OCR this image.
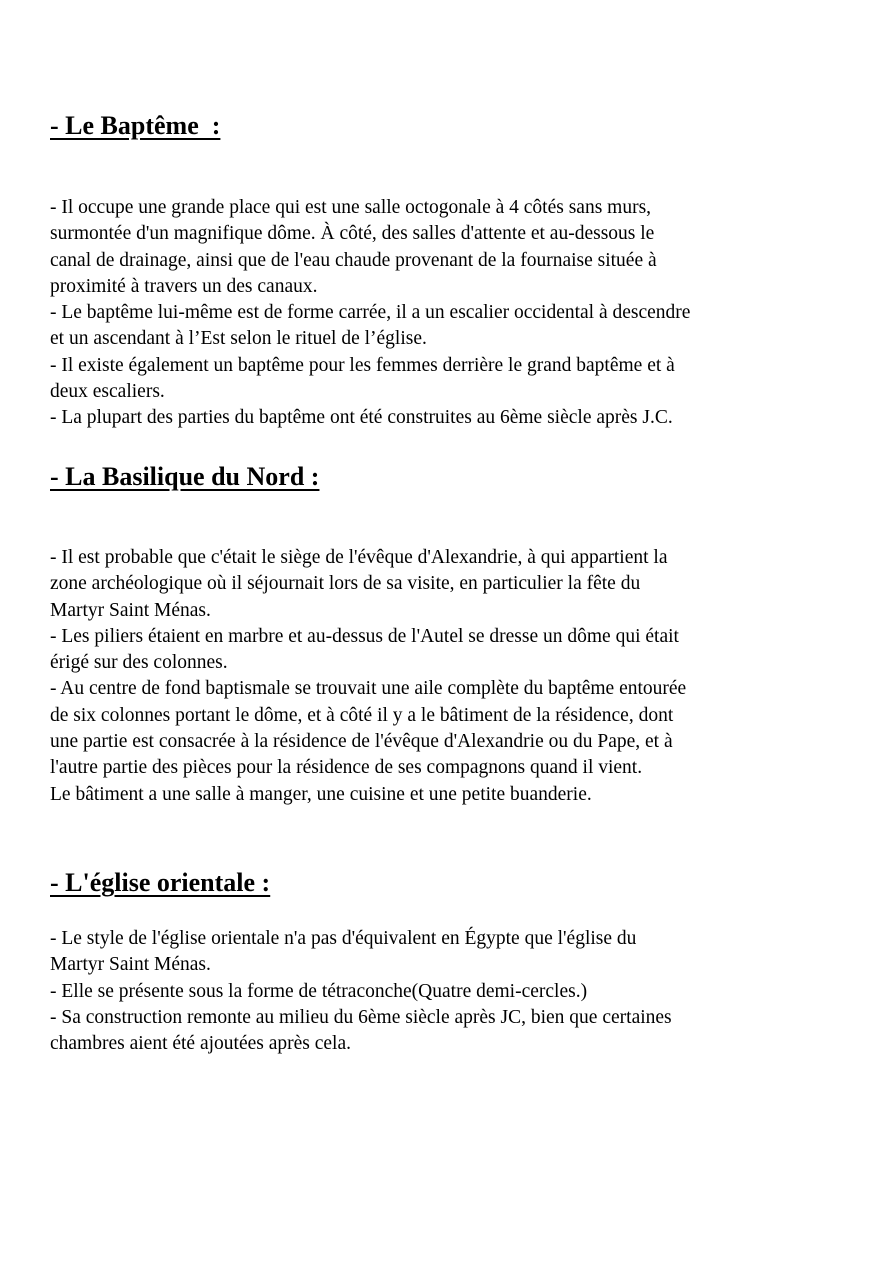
- Le Baptême  :
- Il occupe une grande place qui est une salle octogonale à 4 côtés sans murs,
surmontée d'un magnifique dôme. À côté, des salles d'attente et au-dessous le
canal de drainage, ainsi que de l'eau chaude provenant de la fournaise située à
proximité à travers un des canaux.
- Le baptême lui-même est de forme carrée, il a un escalier occidental à descendre
et un ascendant à l’Est selon le rituel de l’église.
- Il existe également un baptême pour les femmes derrière le grand baptême et à
deux escaliers.
- La plupart des parties du baptême ont été construites au 6ème siècle après J.C.
- La Basilique du Nord :
- Il est probable que c'était le siège de l'évêque d'Alexandrie, à qui appartient la
zone archéologique où il séjournait lors de sa visite, en particulier la fête du
Martyr Saint Ménas.
- Les piliers étaient en marbre et au-dessus de l'Autel se dresse un dôme qui était
érigé sur des colonnes.
- Au centre de fond baptismale se trouvait une aile complète du baptême entourée
de six colonnes portant le dôme, et à côté il y a le bâtiment de la résidence, dont
une partie est consacrée à la résidence de l'évêque d'Alexandrie ou du Pape, et à
l'autre partie des pièces pour la résidence de ses compagnons quand il vient.
Le bâtiment a une salle à manger, une cuisine et une petite buanderie.
- L'église orientale :
- Le style de l'église orientale n'a pas d'équivalent en Égypte que l'église du
Martyr Saint Ménas.
- Elle se présente sous la forme de tétraconche(Quatre demi-cercles.)
- Sa construction remonte au milieu du 6ème siècle après JC, bien que certaines
chambres aient été ajoutées après cela.
